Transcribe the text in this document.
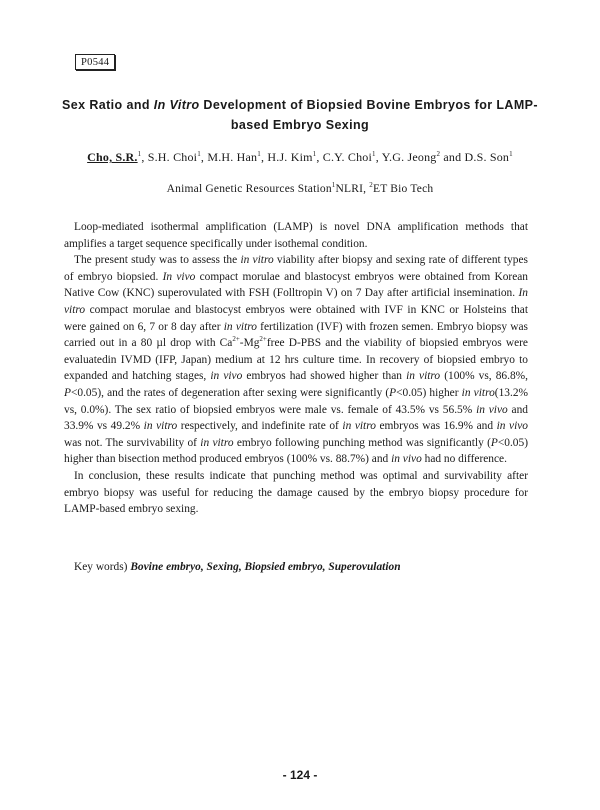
P0544
Sex Ratio and In Vitro Development of Biopsied Bovine Embryos for LAMP-based Embryo Sexing
Cho, S.R.$^1$, S.H. Choi$^1$, M.H. Han$^1$, H.J. Kim$^1$, C.Y. Choi$^1$, Y.G. Jeong$^2$ and D.S. Son$^1$
Animal Genetic Resources Station$^1$NLRI, $^2$ET Bio Tech

Loop-mediated isothermal amplification (LAMP) is novel DNA amplification methods that amplifies a target sequence specifically under isothemal condition.

The present study was to assess the in vitro viability after biopsy and sexing rate of different types of embryo biopsied. In vivo compact morulae and blastocyst embryos were obtained from Korean Native Cow (KNC) superovulated with FSH (Folltropin V) on 7 Day after artificial insemination. In vitro compact morulae and blastocyst embryos were obtained with IVF in KNC or Holsteins that were gained on 6, 7 or 8 day after in vitro fertilization (IVF) with frozen semen. Embryo biopsy was carried out in a 80 µl drop with $Ca^{2+}-Mg^{2+}free$ D-PBS and the viability of biopsied embryos were evaluatedin IVMD (IFP, Japan) medium at 12 hrs culture time. In recovery of biopsied embryo to expanded and hatching stages, in vivo embryos had showed higher than in vitro (100% vs, 86.8%, P<0.05), and the rates of degeneration after sexing were significantly (P<0.05) higher in vitro(13.2% vs, 0.0%). The sex ratio of biopsied embryos were male vs. female of 43.5% vs 56.5% in vivo and 33.9% vs 49.2% in vitro respectively, and indefinite rate of in vitro embryos was 16.9% and in vivo was not. The survivability of in vitro embryo following punching method was significantly (P<0.05) higher than bisection method produced embryos (100% vs. 88.7%) and in vivo had no difference.

In conclusion, these results indicate that punching method was optimal and survivability after embryo biopsy was useful for reducing the damage caused by the embryo biopsy procedure for LAMP-based embryo sexing.

Key words) Bovine embryo, Sexing, Biopsied embryo, Superovulation
- 124 -
